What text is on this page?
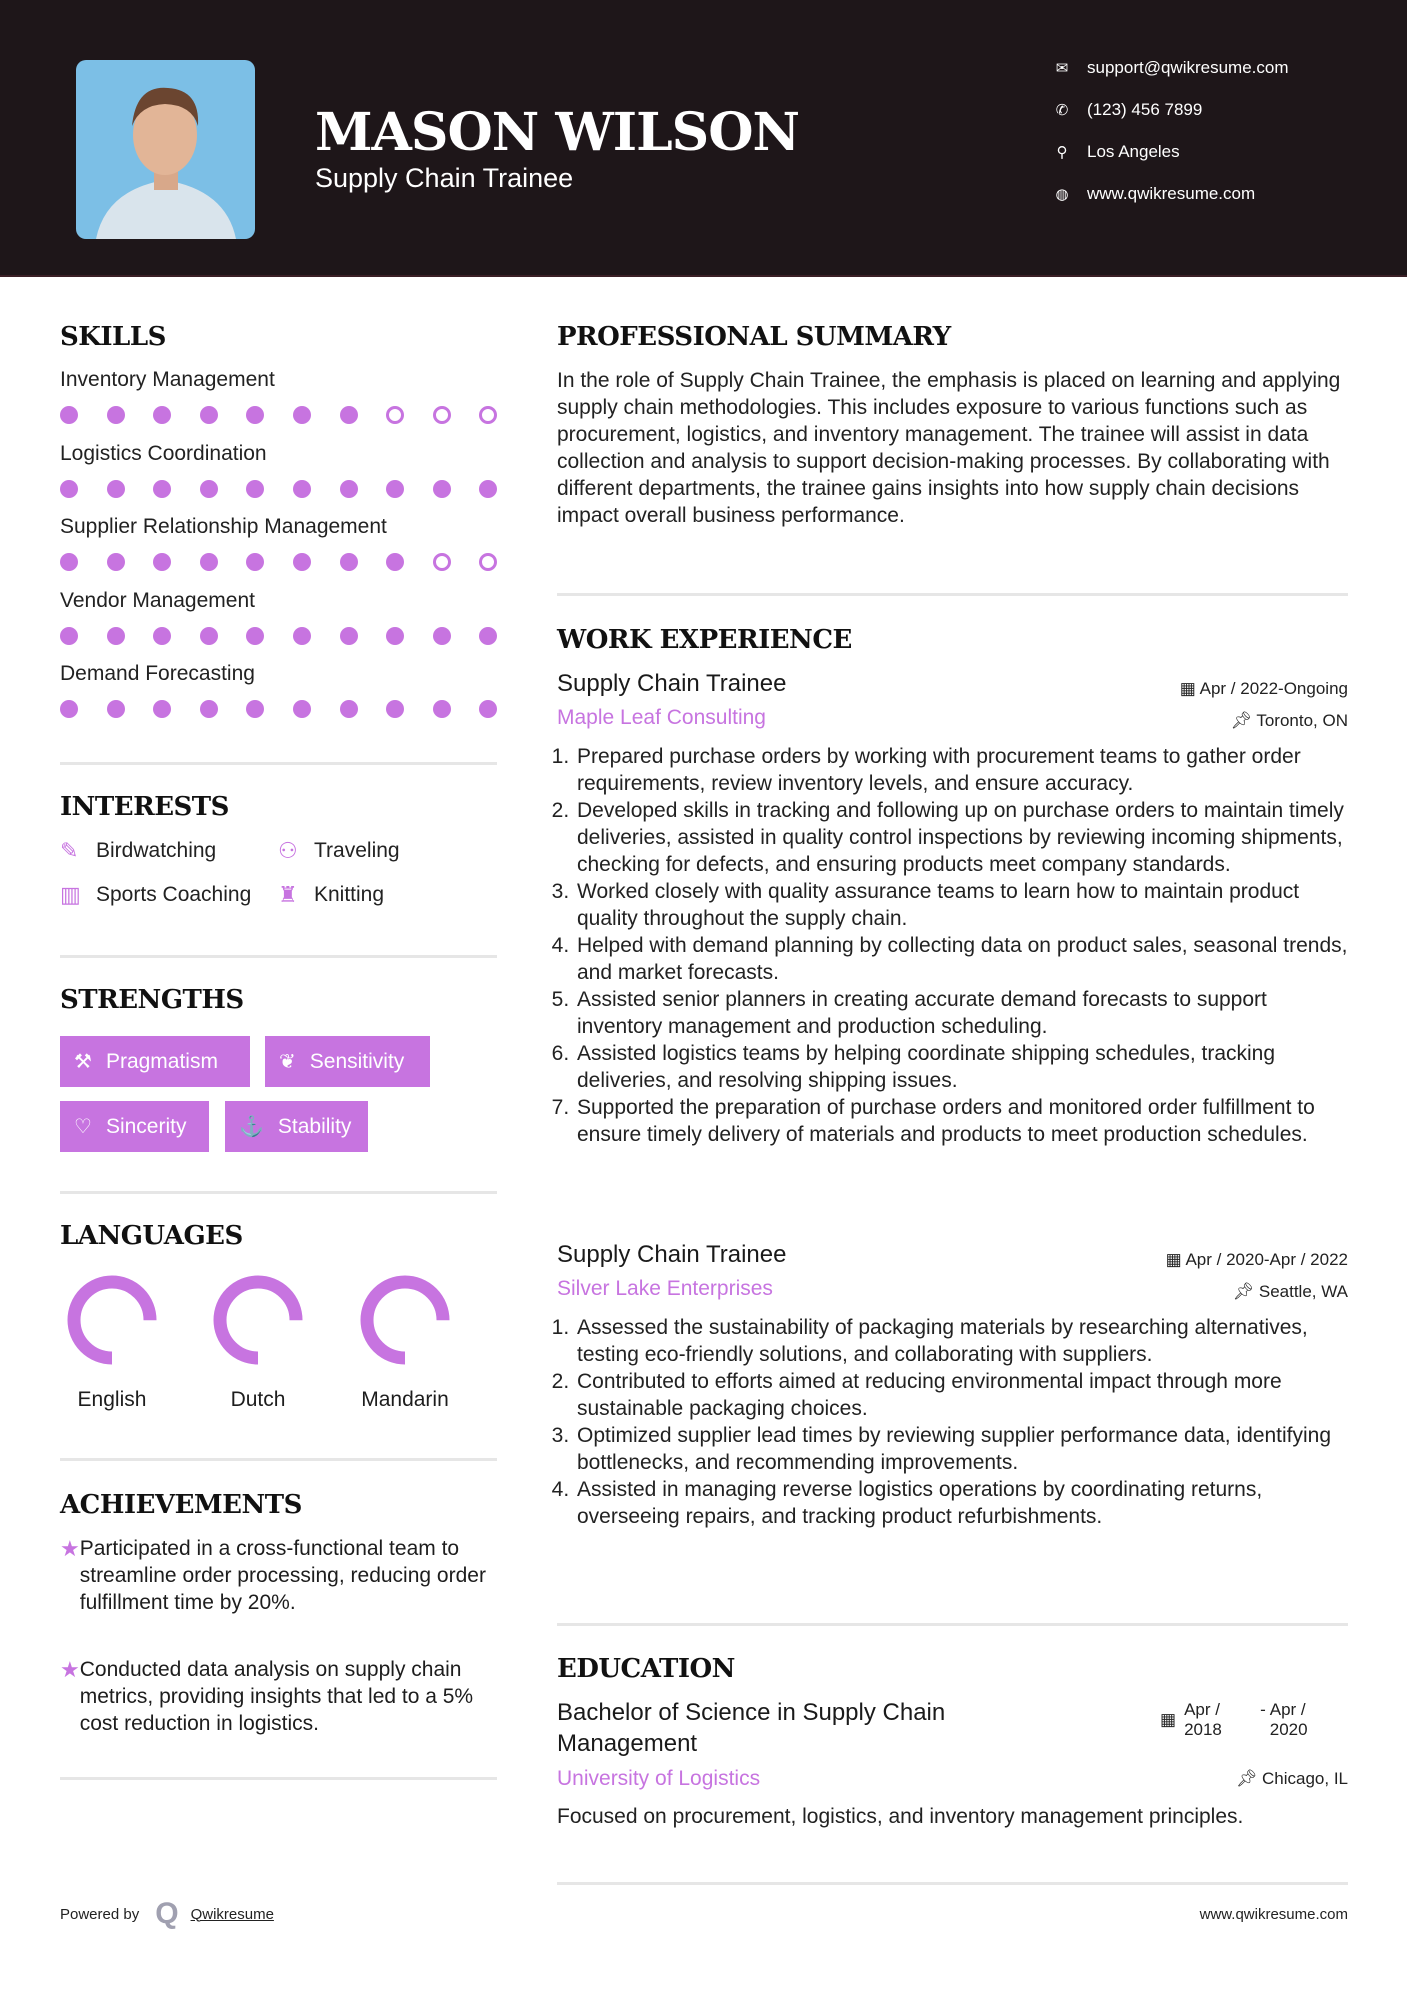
MASON WILSON
Supply Chain Trainee
✉ support@qwikresume.com
✆ (123) 456 7899
⚲ Los Angeles
◍ www.qwikresume.com
SKILLS
Inventory Management
Logistics Coordination
Supplier Relationship Management
Vendor Management
Demand Forecasting
INTERESTS
✎ Birdwatching	⚇ Traveling
▥ Sports Coaching ♜ Knitting
STRENGTHS
⚒ Pragmatism	❦ Sensitivity
♡ Sincerity	⚓ Stability
LANGUAGES
English	Dutch	Mandarin
ACHIEVEMENTS
★ Participated in a cross-functional team to streamline order processing, reducing order fulfillment time by 20%.
★ Conducted data analysis on supply chain metrics, providing insights that led to a 5% cost reduction in logistics.
PROFESSIONAL SUMMARY
In the role of Supply Chain Trainee, the emphasis is placed on learning and applying supply chain methodologies. This includes exposure to various functions such as procurement, logistics, and inventory management. The trainee will assist in data collection and analysis to support decision-making processes. By collaborating with different departments, the trainee gains insights into how supply chain decisions impact overall business performance.
WORK EXPERIENCE
Supply Chain Trainee	▦ Apr / 2022-Ongoing
Maple Leaf Consulting	📌︎ Toronto, ON
1. Prepared purchase orders by working with procurement teams to gather order requirements, review inventory levels, and ensure accuracy.
2. Developed skills in tracking and following up on purchase orders to maintain timely deliveries, assisted in quality control inspections by reviewing incoming shipments, checking for defects, and ensuring products meet company standards.
3. Worked closely with quality assurance teams to learn how to maintain product quality throughout the supply chain.
4. Helped with demand planning by collecting data on product sales, seasonal trends, and market forecasts.
5. Assisted senior planners in creating accurate demand forecasts to support inventory management and production scheduling.
6. Assisted logistics teams by helping coordinate shipping schedules, tracking deliveries, and resolving shipping issues.
7. Supported the preparation of purchase orders and monitored order fulfillment to ensure timely delivery of materials and products to meet production schedules.
Supply Chain Trainee	▦ Apr / 2020-Apr / 2022
Silver Lake Enterprises	📌︎ Seattle, WA
1. Assessed the sustainability of packaging materials by researching alternatives, testing eco-friendly solutions, and collaborating with suppliers.
2. Contributed to efforts aimed at reducing environmental impact through more sustainable packaging choices.
3. Optimized supplier lead times by reviewing supplier performance data, identifying bottlenecks, and recommending improvements.
4. Assisted in managing reverse logistics operations by coordinating returns, overseeing repairs, and tracking product refurbishments.
EDUCATION
Bachelor of Science in Supply Chain Management
▦
Apr / 2018
- Apr / 2020
University of Logistics	📌︎ Chicago, IL
Focused on procurement, logistics, and inventory management principles.
Powered by Q Qwikresume	www.qwikresume.com
